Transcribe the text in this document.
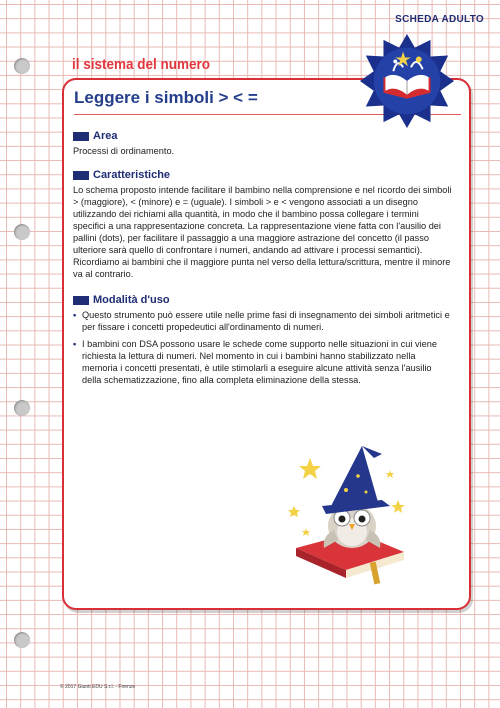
SCHEDA ADULTO
il sistema del numero
Leggere i simboli > < =
Area

Processi di ordinamento.

Caratteristiche

Lo schema proposto intende facilitare il bambino nella comprensione e nel ricordo dei simboli > (maggiore), < (minore) e = (uguale). I simboli > e < vengono associati a un disegno utilizzando dei richiami alla quantità, in modo che il bambino possa collegare i termini specifici a una rappresentazione concreta. La rappresentazione viene fatta con l'ausilio dei pallini (dots), per facilitare il passaggio a una maggiore astrazione del concetto (il passo ulteriore sarà quello di confrontare i numeri, andando ad attivare i processi semantici). Ricordiamo ai bambini che il maggiore punta nel verso della lettura/scrittura, mentre il minore va al contrario.

Modalità d'uso
• Questo strumento può essere utile nelle prime fasi di insegnamento dei simboli aritmetici e per fissare i concetti propedeutici all'ordinamento di numeri.
• I bambini con DSA possono usare le schede come supporto nelle situazioni in cui viene richiesta la lettura di numeri. Nel momento in cui i bambini hanno stabilizzato nella memoria i concetti presentati, è utile stimolarli a eseguire alcune attività senza l'ausilio della schematizzazione, fino alla completa eliminazione della stessa.
© 2017 Giunti EDU S.r.l. - Firenze
